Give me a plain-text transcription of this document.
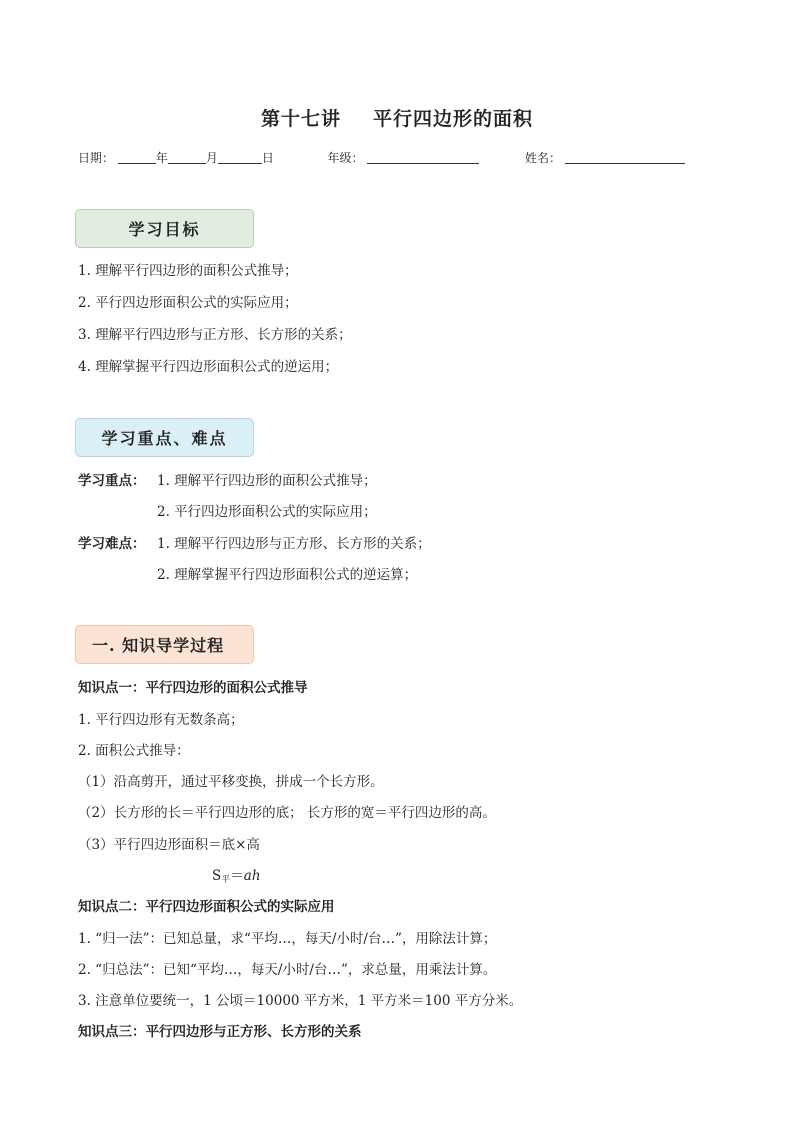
第十七讲 平行四边形的面积
日期：	年	月	日	年级：	姓名：
学习目标
1. 理解平行四边形的面积公式推导；
2. 平行四边形面积公式的实际应用；
3. 理解平行四边形与正方形、长方形的关系；
4. 理解掌握平行四边形面积公式的逆运用；
学习重点、难点
学习重点： 1. 理解平行四边形的面积公式推导；
2. 平行四边形面积公式的实际应用；
学习难点： 1. 理解平行四边形与正方形、长方形的关系；
2. 理解掌握平行四边形面积公式的逆运算；
一. 知识导学过程
知识点一：平行四边形的面积公式推导
1. 平行四边形有无数条高；
2. 面积公式推导：
（1）沿高剪开，通过平移变换，拼成一个长方形。
（2）长方形的长＝平行四边形的底； 长方形的宽＝平行四边形的高。
（3）平行四边形面积＝底×高
$S_平=ah$
知识点二：平行四边形面积公式的实际应用
1. “归一法”：已知总量，求“平均…，每天/小时/台…”，用除法计算；
2. “归总法”：已知“平均…，每天/小时/台…”，求总量，用乘法计算。
3. 注意单位要统一，1 公顷＝10000 平方米，1 平方米＝100 平方分米。
知识点三：平行四边形与正方形、长方形的关系
